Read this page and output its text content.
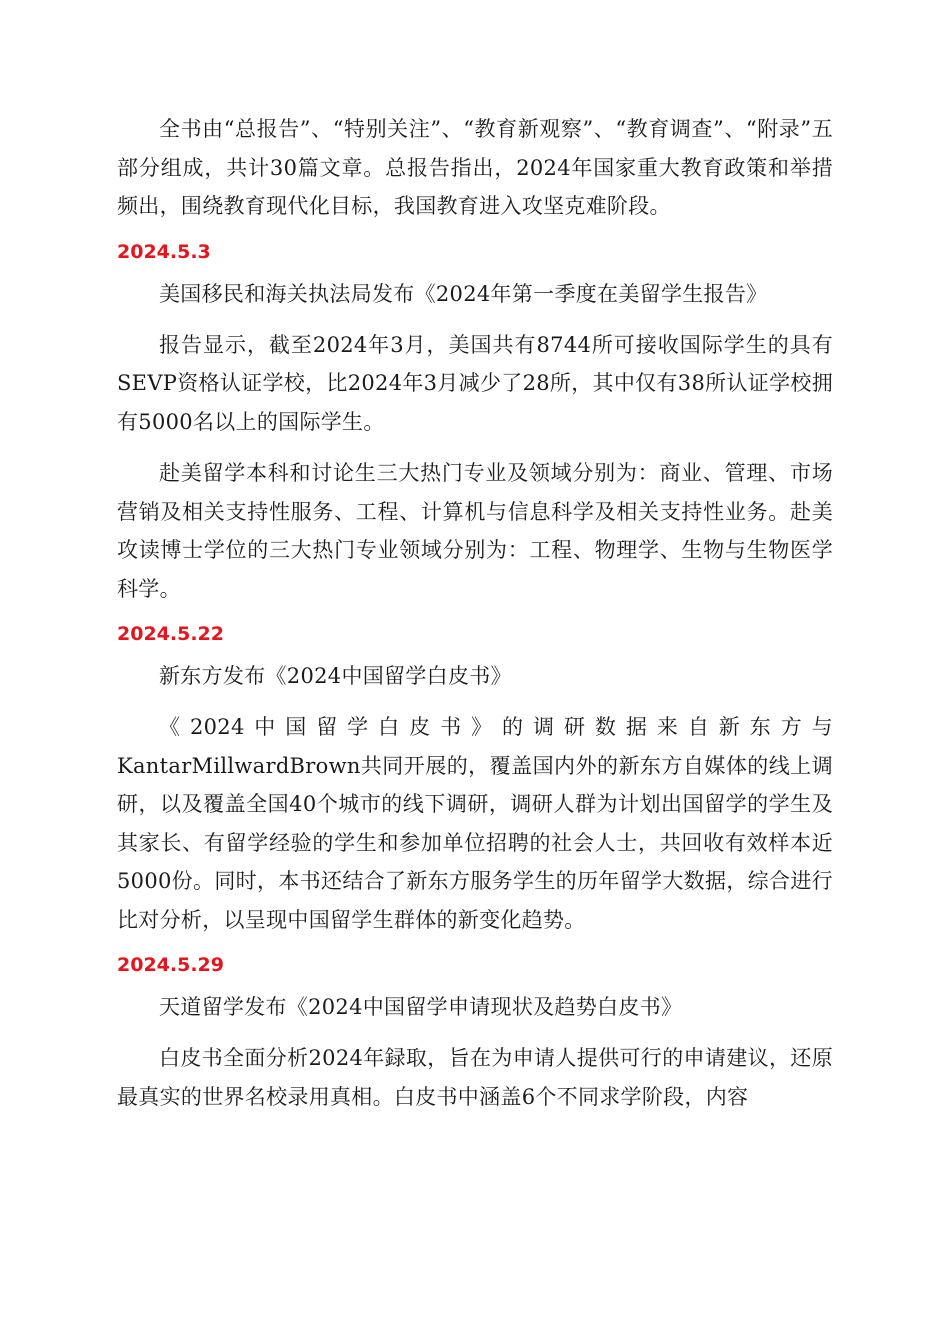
全书由“总报告”、“特别关注”、“教育新观察”、“教育调查”、“附录”五部分组成，共计30篇文章。总报告指出，2024年国家重大教育政策和举措频出，围绕教育现代化目标，我国教育进入攻坚克难阶段。

2024.5.3

美国移民和海关执法局发布《2024年第一季度在美留学生报告》

报告显示，截至2024年3月，美国共有8744所可接收国际学生的具有SEVP资格认证学校，比2024年3月减少了28所，其中仅有38所认证学校拥有5000名以上的国际学生。

赴美留学本科和讨论生三大热门专业及领域分别为：商业、管理、市场营销及相关支持性服务、工程、计算机与信息科学及相关支持性业务。赴美攻读博士学位的三大热门专业领域分别为：工程、物理学、生物与生物医学科学。

2024.5.22

新东方发布《2024中国留学白皮书》

《2024中国留学白皮书》的调研数据来自新东方与KantarMillwardBrown共同开展的，覆盖国内外的新东方自媒体的线上调研，以及覆盖全国40个城市的线下调研，调研人群为计划出国留学的学生及其家长、有留学经验的学生和参加单位招聘的社会人士，共回收有效样本近5000份。同时，本书还结合了新东方服务学生的历年留学大数据，综合进行比对分析，以呈现中国留学生群体的新变化趋势。

2024.5.29

天道留学发布《2024中国留学申请现状及趋势白皮书》

白皮书全面分析2024年録取，旨在为申请人提供可行的申请建议，还原最真实的世界名校录用真相。白皮书中涵盖6个不同求学阶段，内容
